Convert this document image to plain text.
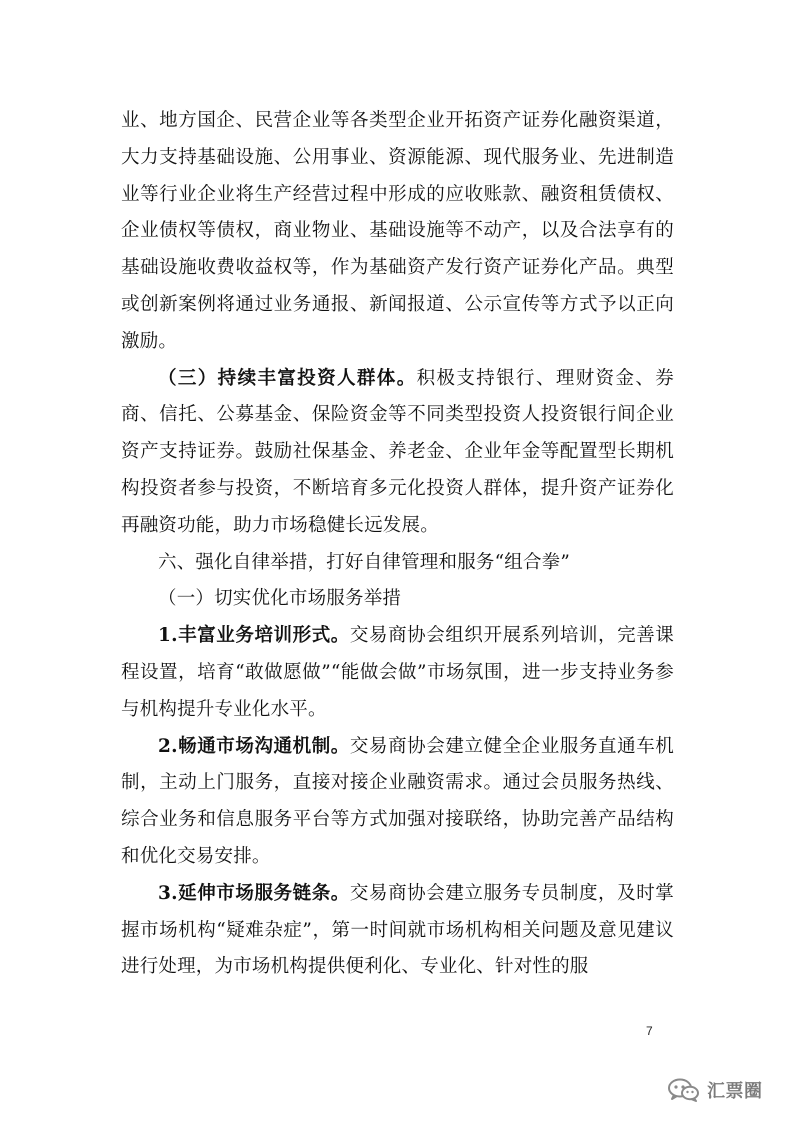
业、地方国企、民营企业等各类型企业开拓资产证券化融资渠道，大力支持基础设施、公用事业、资源能源、现代服务业、先进制造业等行业企业将生产经营过程中形成的应收账款、融资租赁债权、企业债权等债权，商业物业、基础设施等不动产，以及合法享有的基础设施收费收益权等，作为基础资产发行资产证券化产品。典型或创新案例将通过业务通报、新闻报道、公示宣传等方式予以正向激励。

（三）持续丰富投资人群体。积极支持银行、理财资金、券商、信托、公募基金、保险资金等不同类型投资人投资银行间企业资产支持证券。鼓励社保基金、养老金、企业年金等配置型长期机构投资者参与投资，不断培育多元化投资人群体，提升资产证券化再融资功能，助力市场稳健长远发展。

六、强化自律举措，打好自律管理和服务“组合拳”

（一）切实优化市场服务举措

1.丰富业务培训形式。交易商协会组织开展系列培训，完善课程设置，培育“敢做愿做”“能做会做”市场氛围，进一步支持业务参与机构提升专业化水平。

2.畅通市场沟通机制。交易商协会建立健全企业服务直通车机制，主动上门服务，直接对接企业融资需求。通过会员服务热线、综合业务和信息服务平台等方式加强对接联络，协助完善产品结构和优化交易安排。

3.延伸市场服务链条。交易商协会建立服务专员制度，及时掌握市场机构“疑难杂症”，第一时间就市场机构相关问题及意见建议进行处理，为市场机构提供便利化、专业化、针对性的服

7
汇票圈
